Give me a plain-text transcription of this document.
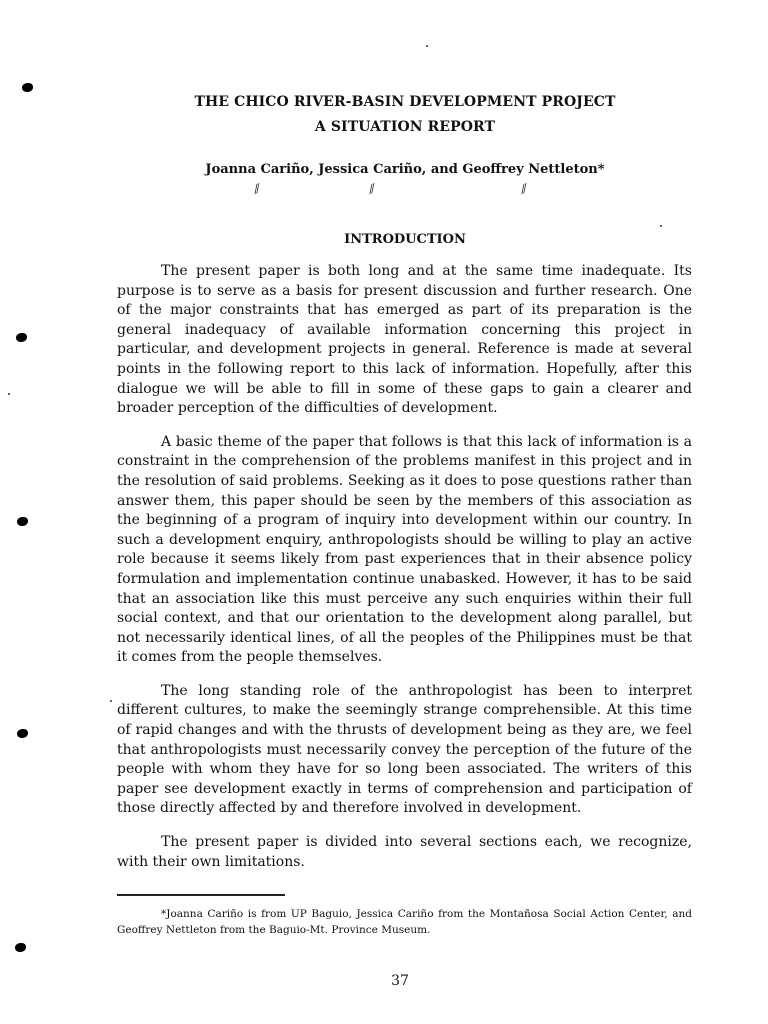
THE CHICO RIVER-BASIN DEVELOPMENT PROJECT
A SITUATION REPORT
Joanna Cariño, Jessica Cariño, and Geoffrey Nettleton*
⁄⁄	⁄⁄	⁄⁄
INTRODUCTION

The present paper is both long and at the same time inadequate. Its purpose is to serve as a basis for present discussion and further research. One of the major constraints that has emerged as part of its preparation is the general inadequacy of available information concerning this project in particular, and development projects in general. Reference is made at several points in the following report to this lack of information. Hopefully, after this dialogue we will be able to fill in some of these gaps to gain a clearer and broader perception of the difficulties of development.

A basic theme of the paper that follows is that this lack of information is a constraint in the comprehension of the problems manifest in this project and in the resolution of said problems. Seeking as it does to pose questions rather than answer them, this paper should be seen by the members of this association as the beginning of a program of inquiry into development within our country. In such a development enquiry, anthropologists should be willing to play an active role because it seems likely from past experiences that in their absence policy formulation and implementation continue unabasked. However, it has to be said that an association like this must perceive any such enquiries within their full social context, and that our orientation to the development along parallel, but not necessarily identical lines, of all the peoples of the Philippines must be that it comes from the people themselves.

The long standing role of the anthropologist has been to interpret different cultures, to make the seemingly strange comprehensible. At this time of rapid changes and with the thrusts of development being as they are, we feel that anthropologists must necessarily convey the perception of the future of the people with whom they have for so long been associated. The writers of this paper see development exactly in terms of comprehension and participation of those directly affected by and therefore involved in development.

The present paper is divided into several sections each, we recognize, with their own limitations.

*Joanna Cariño is from UP Baguio, Jessica Cariño from the Montañosa Social Action Center, and Geoffrey Nettleton from the Baguio-Mt. Province Museum.
37
